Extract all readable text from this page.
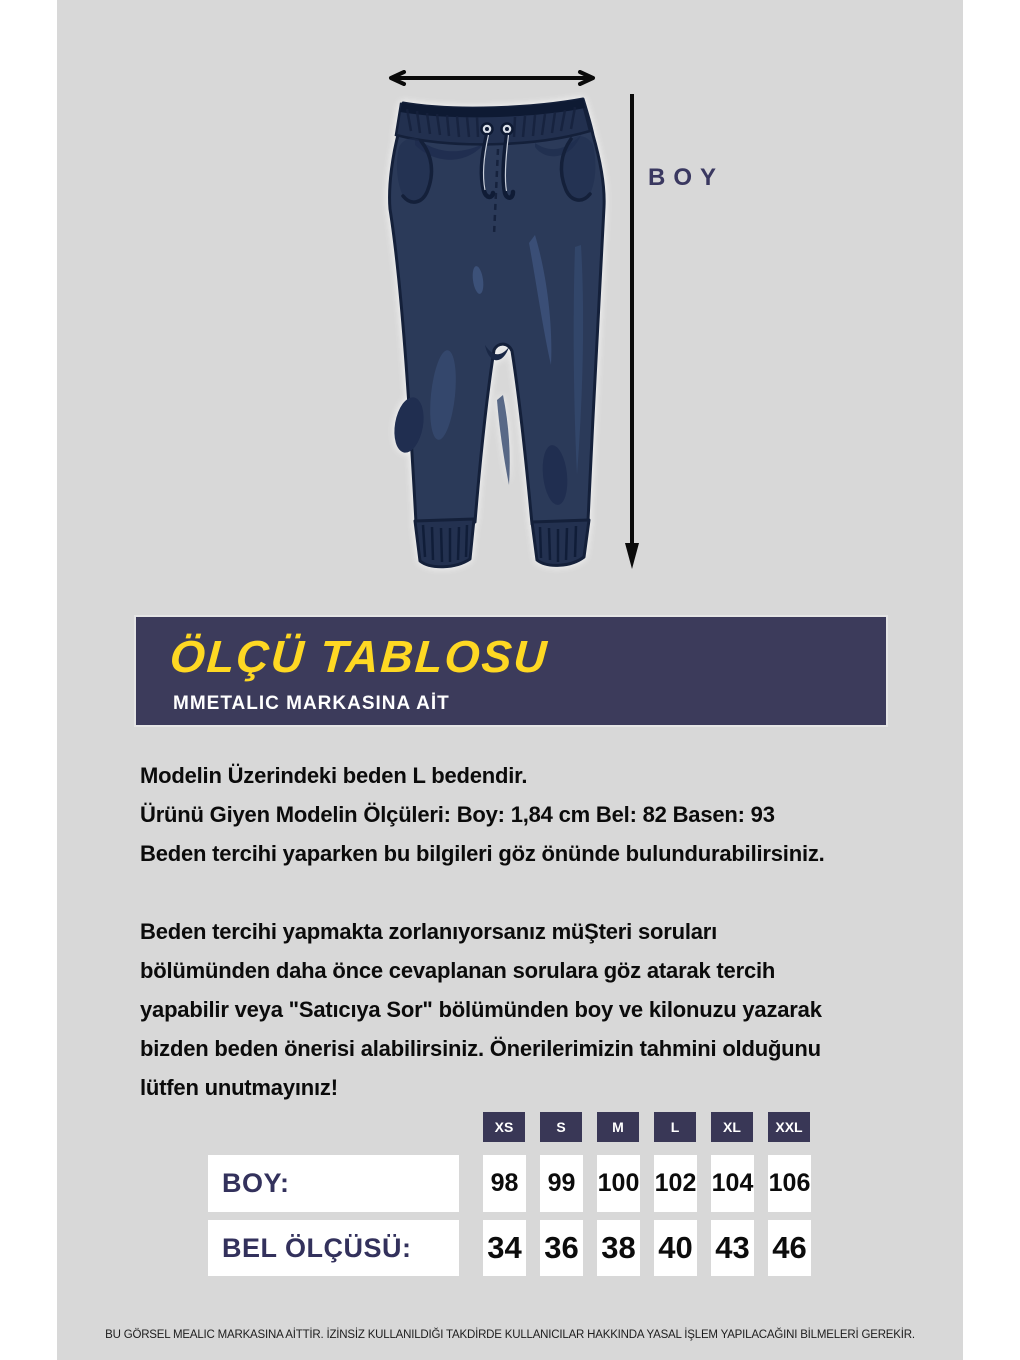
BOY
ÖLÇÜ TABLOSU
MMETALIC MARKASINA AİT
Modelin Üzerindeki beden L bedendir.
Ürünü Giyen Modelin Ölçüleri: Boy: 1,84 cm Bel: 82 Basen: 93
Beden tercihi yaparken bu bilgileri göz önünde bulundurabilirsiniz.
Beden tercihi yapmakta zorlanıyorsanız müŞteri soruları
bölümünden daha önce cevaplanan sorulara göz atarak tercih
yapabilir veya "Satıcıya Sor" bölümünden boy ve kilonuzu yazarak
bizden beden önerisi alabilirsiniz. Önerilerimizin tahmini olduğunu
lütfen unutmayınız!
XS	S	M	L	XL	XXL
BOY:	98	99 100 102 104 106
BEL ÖLÇÜSÜ:	34 36 38 40 43 46
BU GÖRSEL MEALIC MARKASINA AİTTİR. İZİNSİZ KULLANILDIĞI TAKDİRDE KULLANICILAR HAKKINDA YASAL İŞLEM YAPILACAĞINI BİLMELERİ GEREKİR.
